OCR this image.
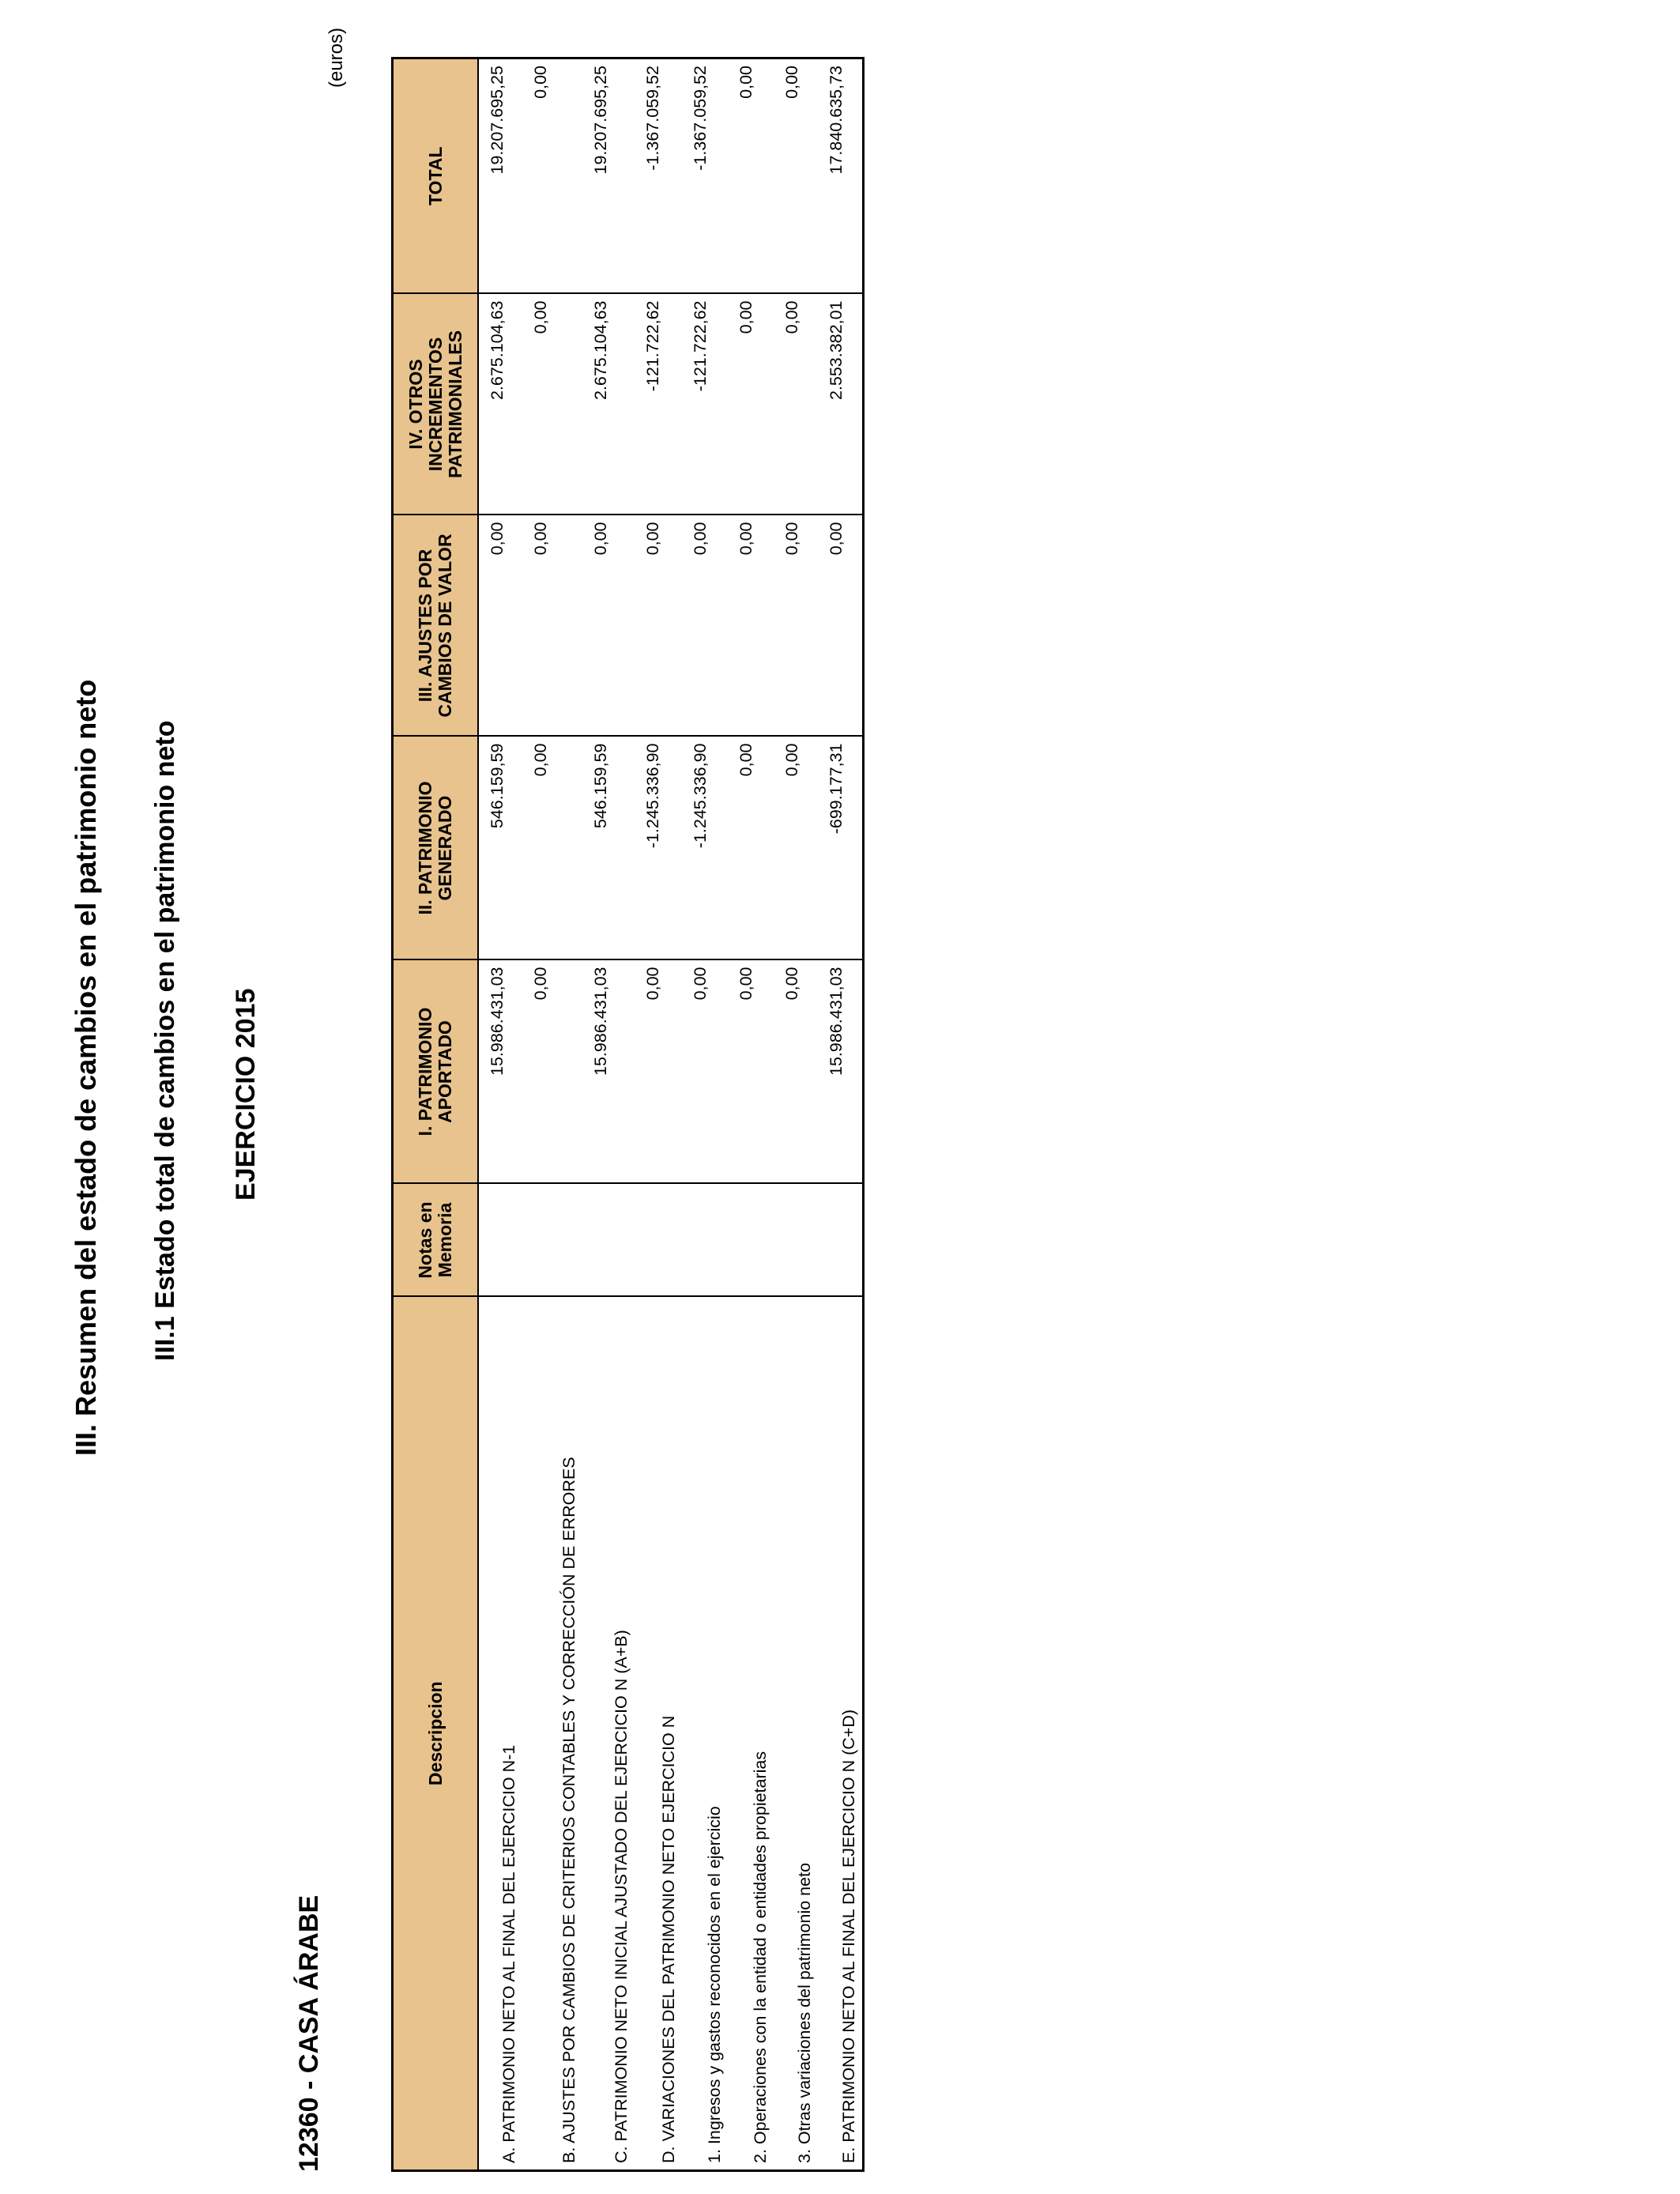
III. Resumen del estado de cambios en el patrimonio neto III.1 Estado total de cambios en el patrimonio neto EJERCICIO 2015
12360 - CASA ÁRABE
(euros)
Descripcion	Notas en Memoria	I. PATRIMONIO APORTADO	II. PATRIMONIO GENERADO	III. AJUSTES POR CAMBIOS DE VALOR	IV. OTROS INCREMENTOS PATRIMONIALES	TOTAL
A. PATRIMONIO NETO AL FINAL DEL EJERCICIO N-1		15.986.431,03	546.159,59	0,00	2.675.104,63	19.207.695,25
B. AJUSTES POR CAMBIOS DE CRITERIOS CONTABLES Y CORRECCIÓN DE ERRORES		0,00	0,00	0,00	0,00	0,00
C. PATRIMONIO NETO INICIAL AJUSTADO DEL EJERCICIO N (A+B)		15.986.431,03	546.159,59	0,00	2.675.104,63	19.207.695,25
D. VARIACIONES DEL PATRIMONIO NETO EJERCICIO N		0,00	-1.245.336,90	0,00	-121.722,62	-1.367.059,52
1. Ingresos y gastos reconocidos en el ejercicio		0,00	-1.245.336,90	0,00	-121.722,62	-1.367.059,52
2. Operaciones con la entidad o entidades propietarias		0,00	0,00	0,00	0,00	0,00
3. Otras variaciones del patrimonio neto		0,00	0,00	0,00	0,00	0,00
E. PATRIMONIO NETO AL FINAL DEL EJERCICIO N (C+D)		15.986.431,03	-699.177,31	0,00	2.553.382,01	17.840.635,73
